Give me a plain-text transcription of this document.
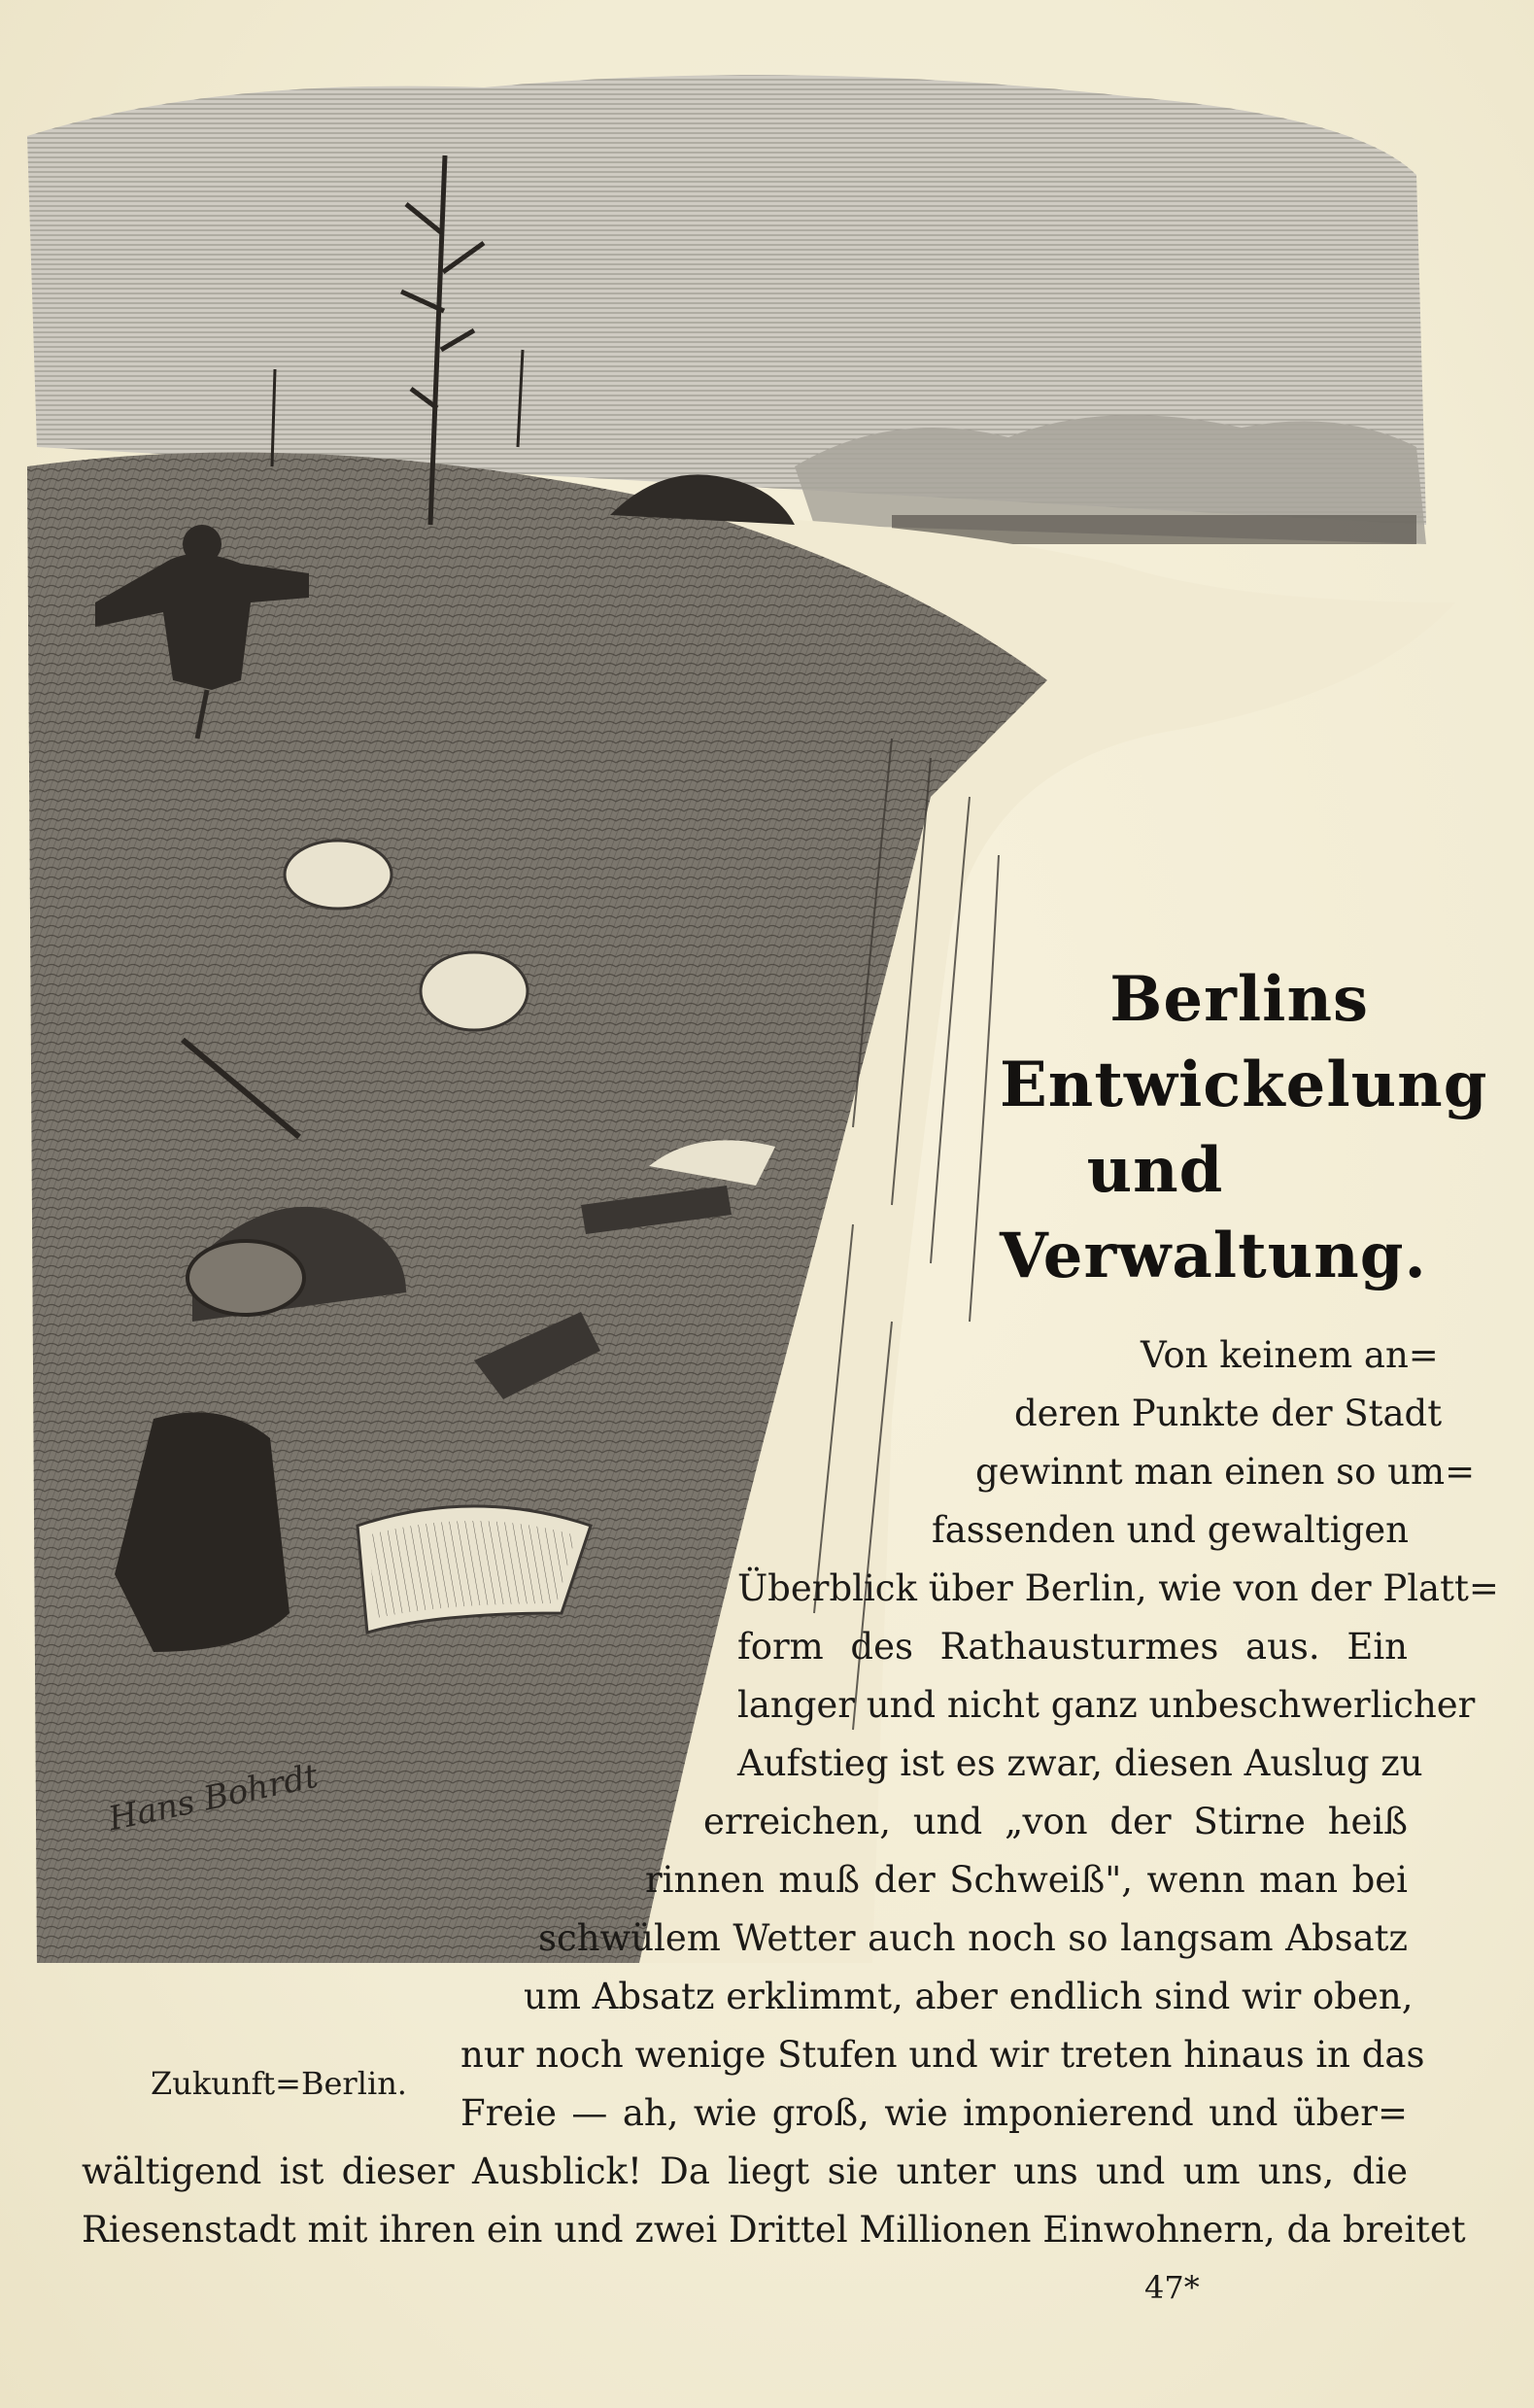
Hans Bohrdt
Berlins
Entwickelung
und
Verwaltung.
Von keinem an=
deren Punkte der Stadt
gewinnt man einen so um=
fassenden und gewaltigen
Überblick über Berlin, wie von der Platt=
form des Rathausturmes aus. Ein
langer und nicht ganz unbeschwerlicher
Aufstieg ist es zwar, diesen Auslug zu
erreichen, und „von der Stirne heiß
rinnen muß der Schweiß", wenn man bei
schwülem Wetter auch noch so langsam Absatz
um Absatz erklimmt, aber endlich sind wir oben,
nur noch wenige Stufen und wir treten hinaus in das
Freie — ah, wie groß, wie imponierend und über=
wältigend ist dieser Ausblick! Da liegt sie unter uns und um uns, die
Riesenstadt mit ihren ein und zwei Drittel Millionen Einwohnern, da breitet
Zukunft=Berlin.
47*
